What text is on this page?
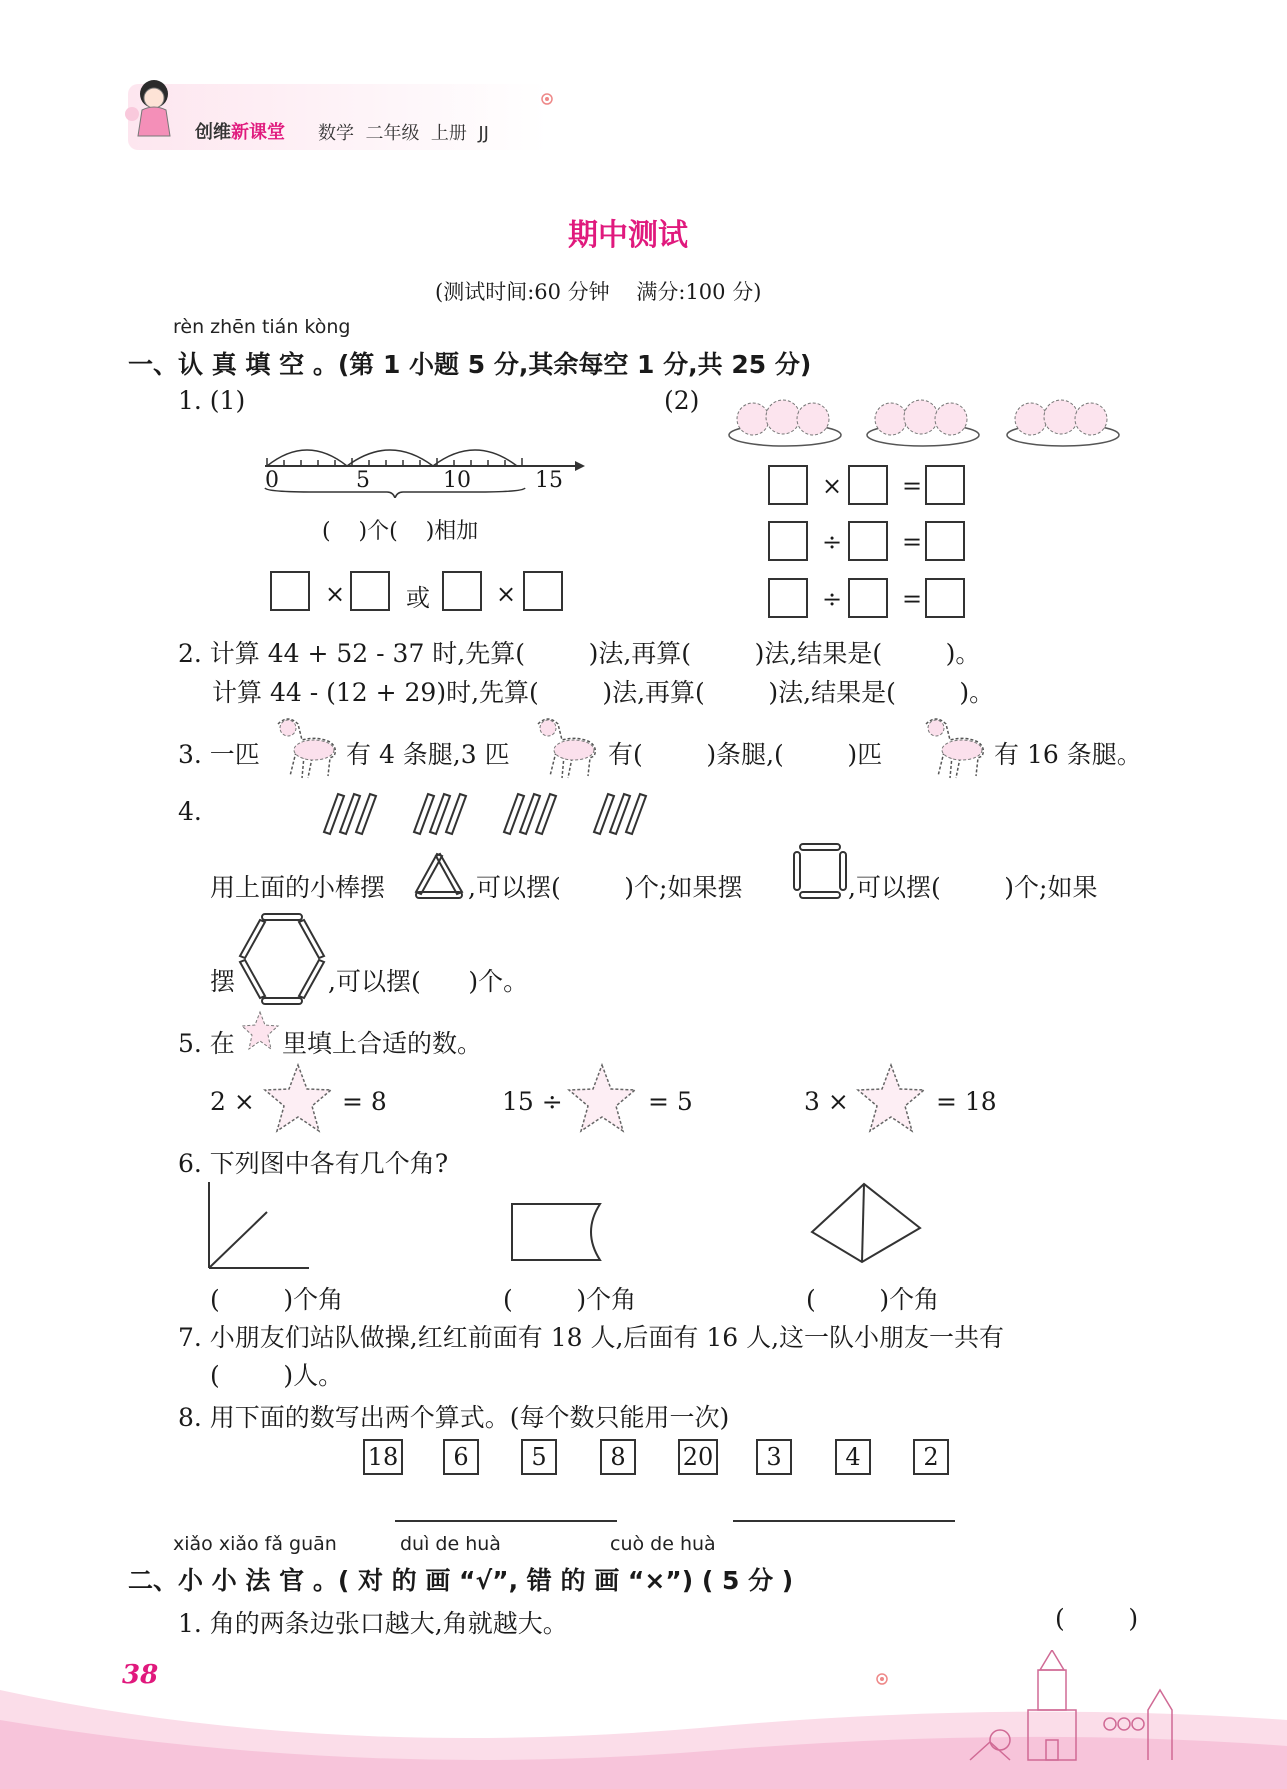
创维新课堂 数学  二年级  上册  JJ
期中测试
(测试时间:60 分钟    满分:100 分)
rèn zhēn tián kòng
一、认 真 填 空 。(第 1 小题 5 分,其余每空 1 分,共 25 分)
1. (1)	(2)
0	5	10	15
(    )个(    )相加
×	或	×
× =
÷ =
÷ =
2. 计算 44 + 52 - 37 时,先算(        )法,再算(        )法,结果是(        )。
计算 44 - (12 + 29)时,先算(        )法,再算(        )法,结果是(        )。
3. 一匹	有 4 条腿,3 匹	有(        )条腿,(        )匹	有 16 条腿。
4.
用上面的小棒摆	,可以摆(        )个;如果摆	,可以摆(        )个;如果
摆	,可以摆(      )个。
5. 在 里填上合适的数。
2 ×	= 8	15 ÷	= 5	3 ×	= 18
6. 下列图中各有几个角?
(        )个角	(        )个角	(        )个角
7. 小朋友们站队做操,红红前面有 18 人,后面有 16 人,这一队小朋友一共有
(        )人。
8. 用下面的数写出两个算式。(每个数只能用一次)
18	6	5	8	20	3	4	2
xiǎo xiǎo fǎ guān	duì de huà	cuò de huà
二、小 小 法 官 。( 对 的 画 “√”, 错 的 画 “×”) ( 5 分 )
1. 角的两条边张口越大,角就越大。	(        )
38
